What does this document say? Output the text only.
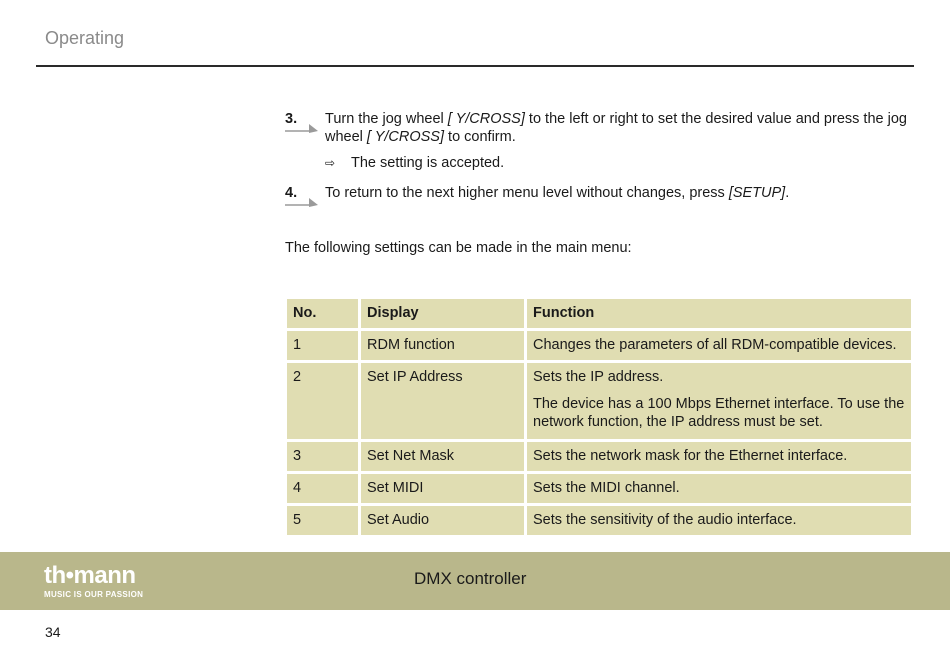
Operating
3. Turn the jog wheel [ Y/CROSS] to the left or right to set the desired value and press the jog wheel [ Y/CROSS] to confirm.
⇨ The setting is accepted.
4. To return to the next higher menu level without changes, press [SETUP].
The following settings can be made in the main menu:
No.	Display	Function
1	RDM function	Changes the parameters of all RDM-compatible devices.

2	Set IP Address	Sets the IP address.
The device has a 100 Mbps Ethernet interface. To use the network function, the IP address must be set.

3	Set Net Mask	Sets the network mask for the Ethernet interface.

4	Set MIDI	Sets the MIDI channel.

5	Set Audio	Sets the sensitivity of the audio interface.
th•mann
MUSIC IS OUR PASSION
DMX controller
34
